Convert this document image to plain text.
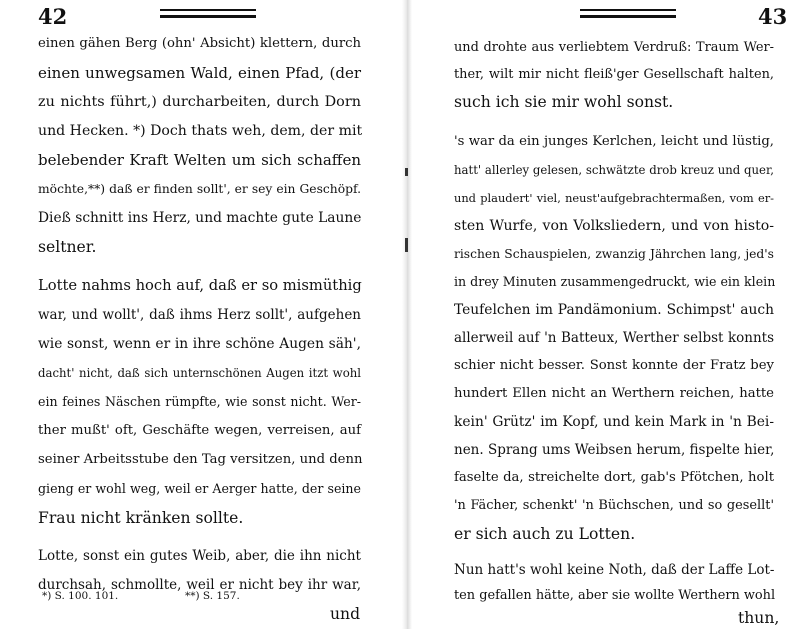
42
einen gähen Berg (ohn' Absicht) klettern, durch
einen unwegsamen Wald, einen Pfad, (der
zu nichts führt,) durcharbeiten, durch Dorn
und Hecken. *) Doch thats weh, dem, der mit
belebender Kraft Welten um sich schaffen
möchte,**) daß er finden sollt', er sey ein Geschöpf.
Dieß schnitt ins Herz, und machte gute Laune
seltner.
Lotte nahms hoch auf, daß er so mismüthig
war, und wollt', daß ihms Herz sollt', aufgehen
wie sonst, wenn er in ihre schöne Augen säh',
dacht' nicht, daß sich unternschönen Augen itzt wohl
ein feines Näschen rümpfte, wie sonst nicht. Wer-
ther mußt' oft, Geschäfte wegen, verreisen, auf
seiner Arbeitsstube den Tag versitzen, und denn
gieng er wohl weg, weil er Aerger hatte, der seine
Frau nicht kränken sollte.
Lotte, sonst ein gutes Weib, aber, die ihn nicht
durchsah, schmollte, weil er nicht bey ihr war,
und
*) S. 100. 101.	**) S. 157.
43
und drohte aus verliebtem Verdruß: Traum Wer-
ther, wilt mir nicht fleiß'ger Gesellschaft halten,
such ich sie mir wohl sonst.
's war da ein junges Kerlchen, leicht und lüstig,
hatt' allerley gelesen, schwätzte drob kreuz und quer,
und plaudert' viel, neust'aufgebrachtermaßen, vom er-
sten Wurfe, von Volksliedern, und von histo-
rischen Schauspielen, zwanzig Jährchen lang, jed's
in drey Minuten zusammengedruckt, wie ein klein
Teufelchen im Pandämonium. Schimpst' auch
allerweil auf 'n Batteux, Werther selbst konnts
schier nicht besser. Sonst konnte der Fratz bey
hundert Ellen nicht an Werthern reichen, hatte
kein' Grütz' im Kopf, und kein Mark in 'n Bei-
nen. Sprang ums Weibsen herum, fispelte hier,
faselte da, streichelte dort, gab's Pfötchen, holt
'n Fächer, schenkt' 'n Büchschen, und so gesellt'
er sich auch zu Lotten.
Nun hatt's wohl keine Noth, daß der Laffe Lot-
ten gefallen hätte, aber sie wollte Werthern wohl
thun,
